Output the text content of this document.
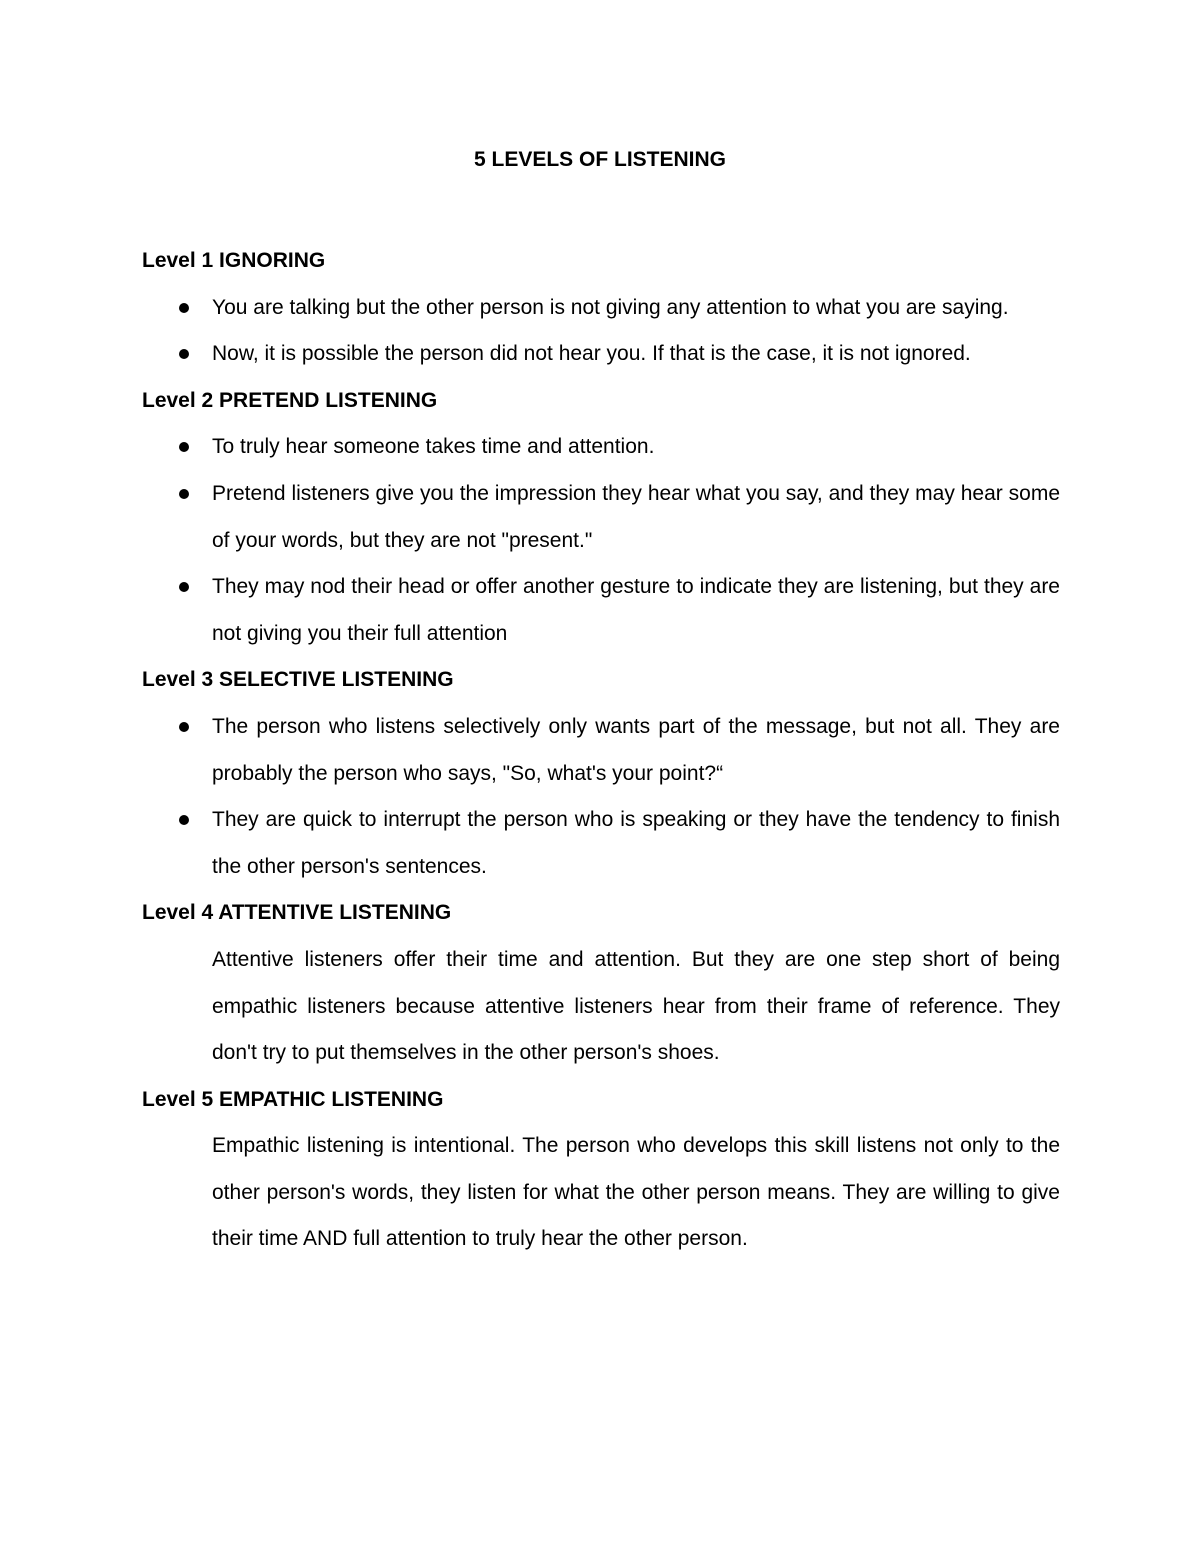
5 LEVELS OF LISTENING

Level 1 IGNORING

You are talking but the other person is not giving any attention to what you are saying.
Now, it is possible the person did not hear you. If that is the case, it is not ignored.

Level 2 PRETEND LISTENING

To truly hear someone takes time and attention.
Pretend listeners give you the impression they hear what you say, and they may hear some of your words, but they are not "present."
They may nod their head or offer another gesture to indicate they are listening, but they are not giving you their full attention

Level 3 SELECTIVE LISTENING

The person who listens selectively only wants part of the message, but not all. They are probably the person who says, "So, what's your point?“
They are quick to interrupt the person who is speaking or they have the tendency to finish the other person's sentences.

Level 4 ATTENTIVE LISTENING

Attentive listeners offer their time and attention. But they are one step short of being empathic listeners because attentive listeners hear from their frame of reference. They don't try to put themselves in the other person's shoes.

Level 5 EMPATHIC LISTENING

Empathic listening is intentional. The person who develops this skill listens not only to the other person's words, they listen for what the other person means. They are willing to give their time AND full attention to truly hear the other person.
